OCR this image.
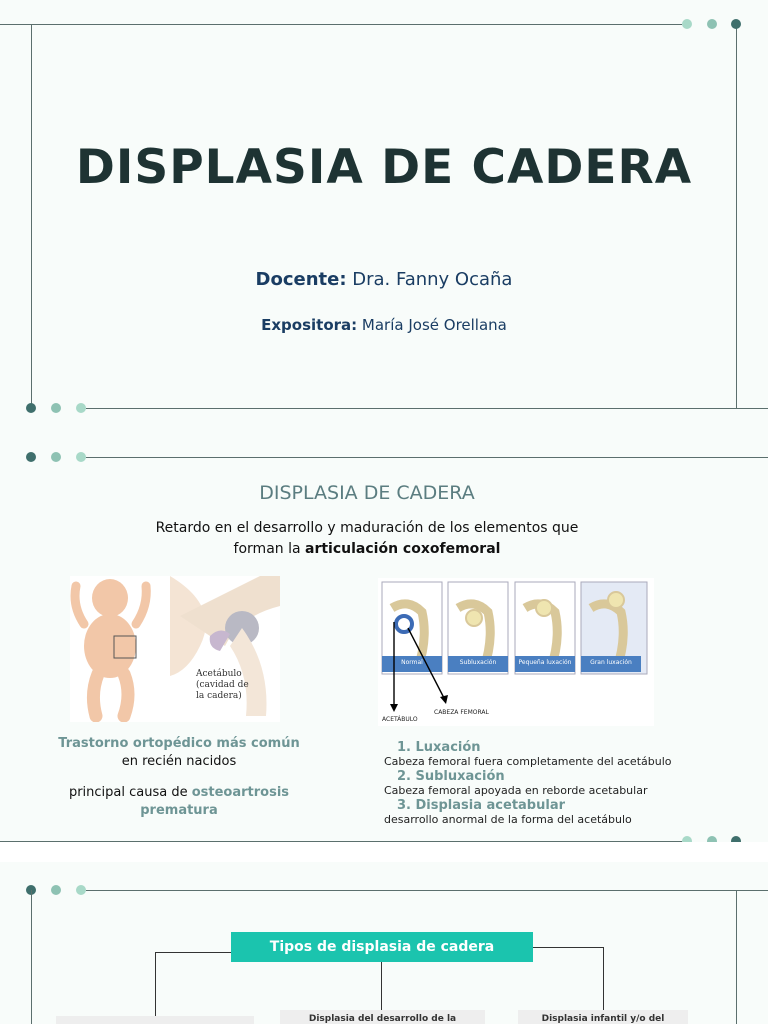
DISPLASIA DE CADERA
Docente: Dra. Fanny Ocaña
Expositora: María José Orellana
DISPLASIA DE CADERA
Retardo en el desarrollo y maduración de los elementos que
forman la articulación coxofemoral
Acetábulo (cavidad de la cadera)
Trastorno ortopédico más común
en recién nacidos
principal causa de osteoartrosis prematura
Normal	Subluxación	Pequeña luxación	Gran luxación
ACETÁBULO
CABEZA FEMORAL
1. Luxación
Cabeza femoral fuera completamente del acetábulo
2. Subluxación
Cabeza femoral apoyada en reborde acetabular
3. Displasia acetabular
desarrollo anormal de la forma del acetábulo
Tipos de displasia de cadera
Displasia del desarrollo de la	Displasia infantil y/o del
